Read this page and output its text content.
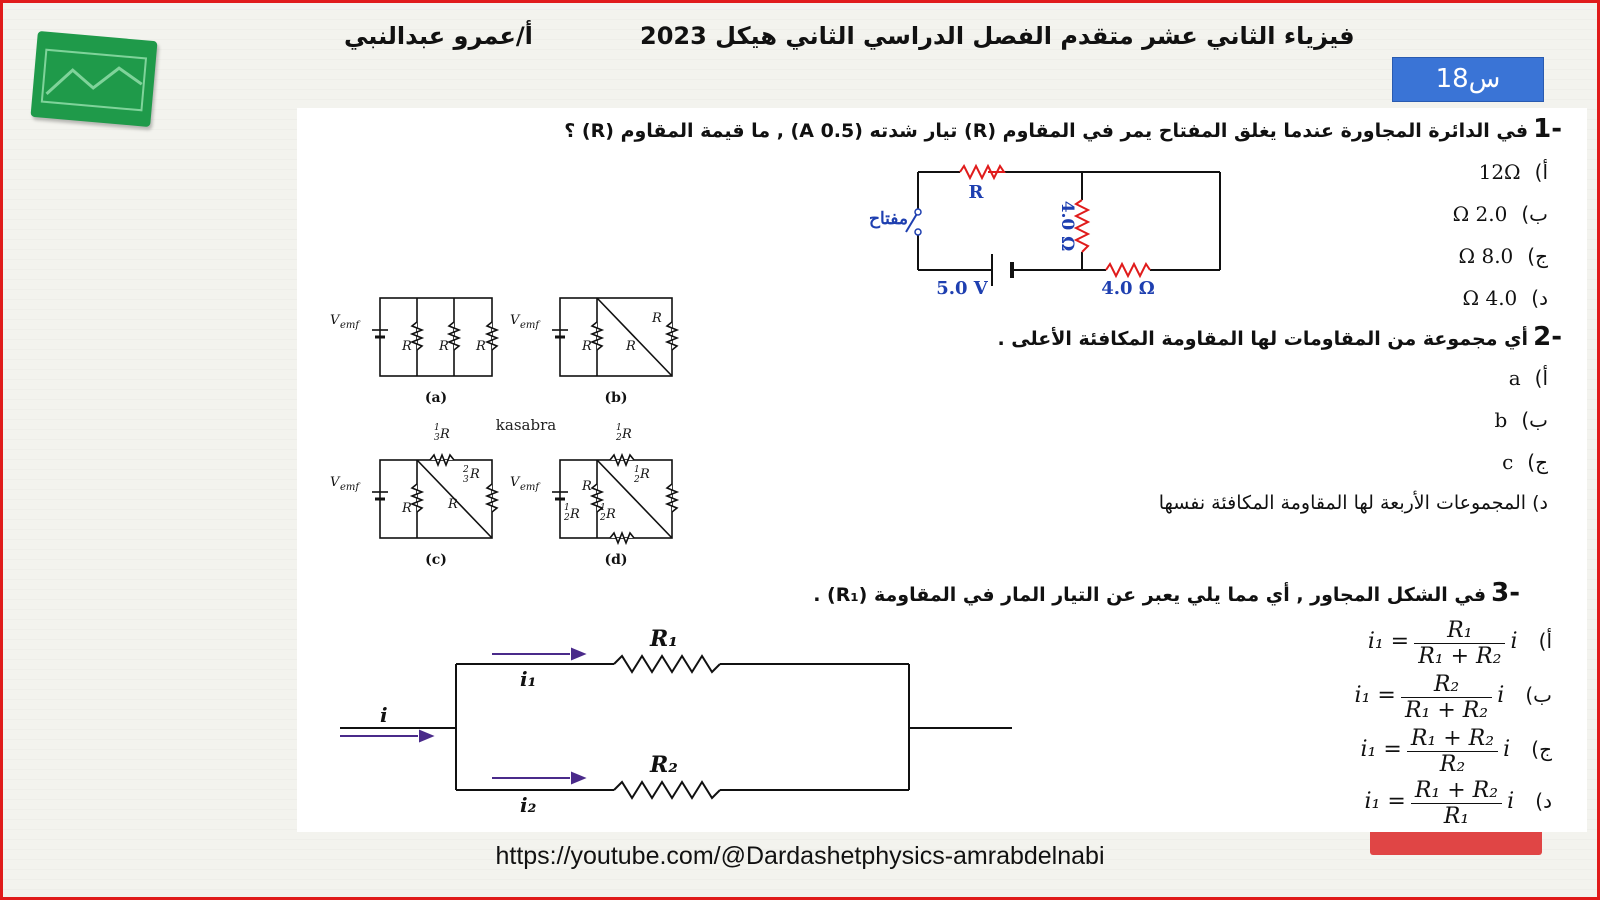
فيزياء الثاني عشر متقدم الفصل الدراسي الثاني هيكل 2023
أ/عمرو عبدالنبي
س18
-1 في الدائرة المجاورة عندما يغلق المفتاح يمر في المقاوم (R) تيار شدته (0.5 A) , ما قيمة المقاوم (R) ؟
أ)12Ω
ب)2.0 Ω
ج)8.0 Ω
د)4.0 Ω
R
مفتاح	4.0 Ω
5.0 V	4.0 Ω
-2 أي مجموعة من المقاومات لها المقاومة المكافئة الأعلى .
أ)a
ب)b
ج)c
د) المجموعات الأربعة لها المقاومة المكافئة نفسها
V emf	V emf
V emf	V emf
R R R	R	R
R
R	R
R
R
1
3
R
2
3
R
1
2
R
1
2
R
1
2	R
1
2
(a)	(b)
(c)	(d)
kasabra
-3 في الشكل المجاور , أي مما يلي يعبر عن التيار المار في المقاومة (R₁) .
i
i₁
i₂
R₁
R₂
أ) $i_1 = \frac{\text{R₁}}{\text{R₁ + R₂}}$ i
ب) $i_1 = \frac{\text{R₂}}{\text{R₁ + R₂}}$ i
ج) $i_1 = \frac{\text{R₁ + R₂}}{\text{R₂}}$ i
د) $i_1 = \frac{\text{R₁ + R₂}}{\text{R₁}}$ i
https://youtube.com/@Dardashetphysics-amrabdelnabi
